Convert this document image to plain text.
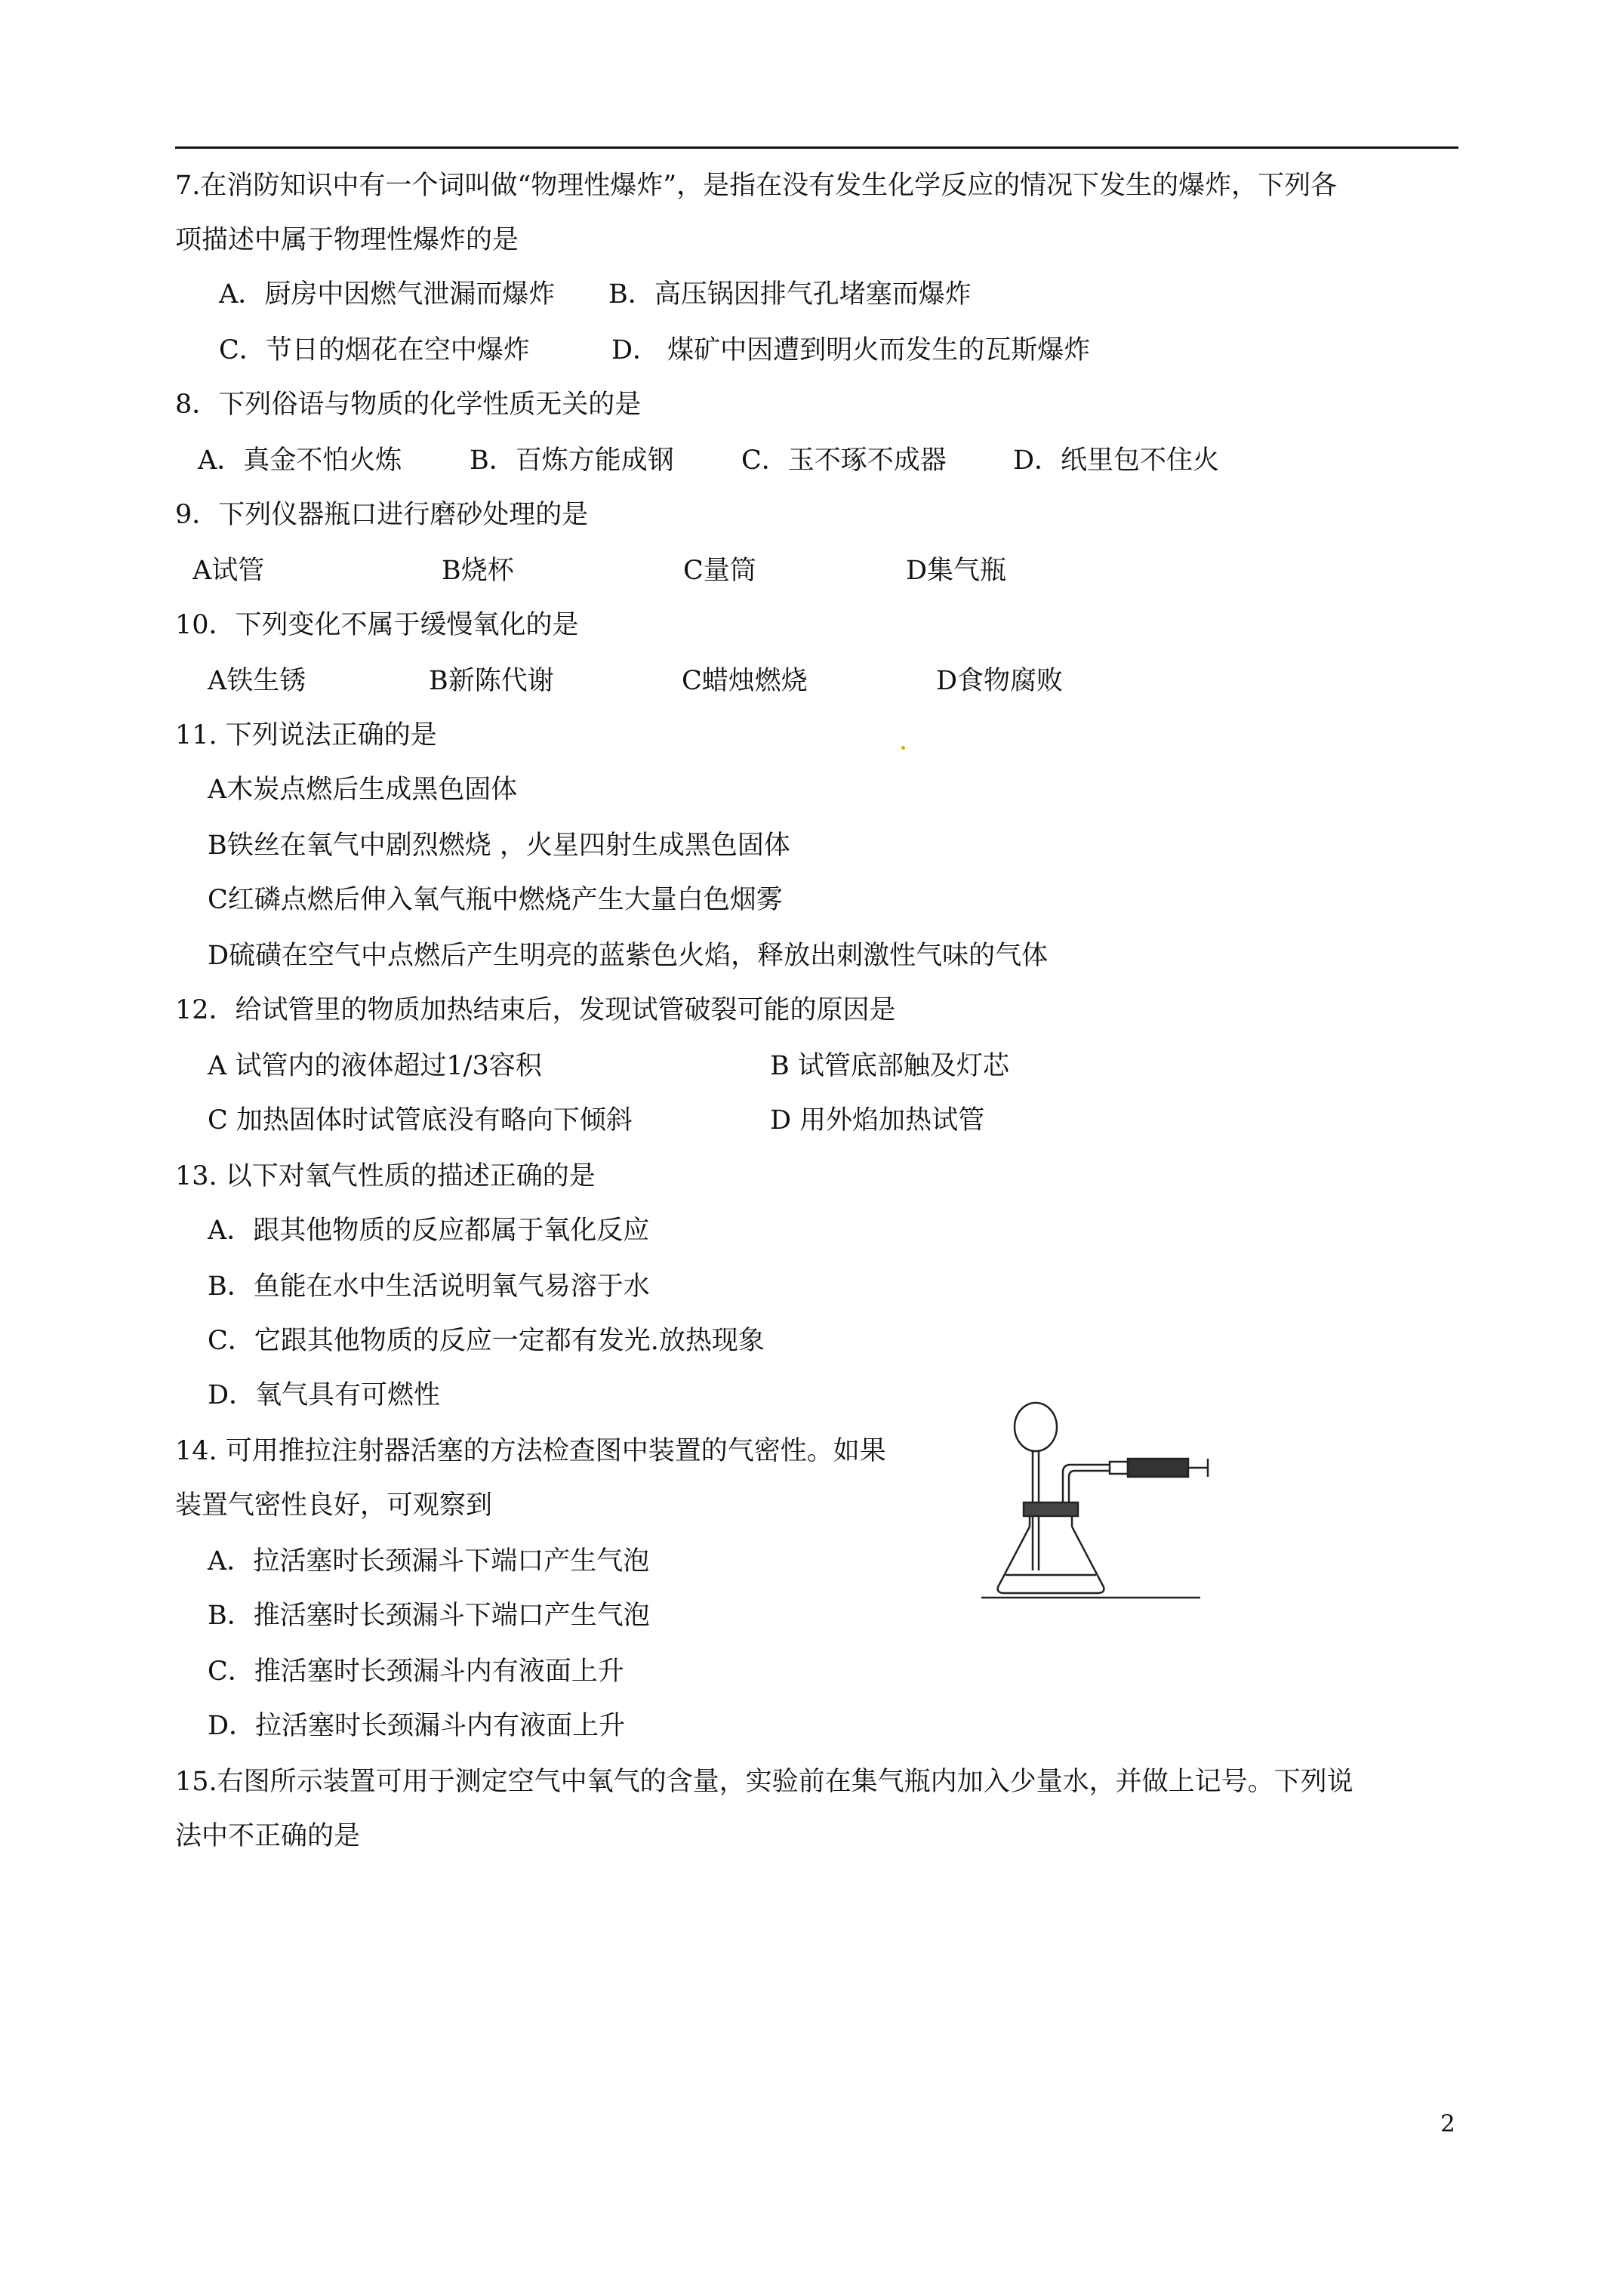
7.在消防知识中有一个词叫做“物理性爆炸”，是指在没有发生化学反应的情况下发生的爆炸，下列各
项描述中属于物理性爆炸的是
A．厨房中因燃气泄漏而爆炸 B．高压锅因排气孔堵塞而爆炸
C．节日的烟花在空中爆炸	D． 煤矿中因遭到明火而发生的瓦斯爆炸
8．下列俗语与物质的化学性质无关的是
A．真金不怕火炼	B．百炼方能成钢	C．玉不琢不成器	D．纸里包不住火
9．下列仪器瓶口进行磨砂处理的是
A试管	B烧杯	C量筒	D集气瓶
10．下列变化不属于缓慢氧化的是
A铁生锈	B新陈代谢	C蜡烛燃烧	D食物腐败
11. 下列说法正确的是
A木炭点燃后生成黑色固体
B铁丝在氧气中剧烈燃烧 ，火星四射生成黑色固体
C红磷点燃后伸入氧气瓶中燃烧产生大量白色烟雾
D硫磺在空气中点燃后产生明亮的蓝紫色火焰，释放出刺激性气味的气体
12．给试管里的物质加热结束后，发现试管破裂可能的原因是
A 试管内的液体超过1/3容积	B 试管底部触及灯芯
C 加热固体时试管底没有略向下倾斜	D 用外焰加热试管
13. 以下对氧气性质的描述正确的是
A．跟其他物质的反应都属于氧化反应
B．鱼能在水中生活说明氧气易溶于水
C．它跟其他物质的反应一定都有发光.放热现象
D．氧气具有可燃性
14. 可用推拉注射器活塞的方法检查图中装置的气密性。如果
装置气密性良好，可观察到
A．拉活塞时长颈漏斗下端口产生气泡
B．推活塞时长颈漏斗下端口产生气泡
C．推活塞时长颈漏斗内有液面上升
D．拉活塞时长颈漏斗内有液面上升
15.右图所示装置可用于测定空气中氧气的含量，实验前在集气瓶内加入少量水，并做上记号。下列说
法中不正确的是
2
